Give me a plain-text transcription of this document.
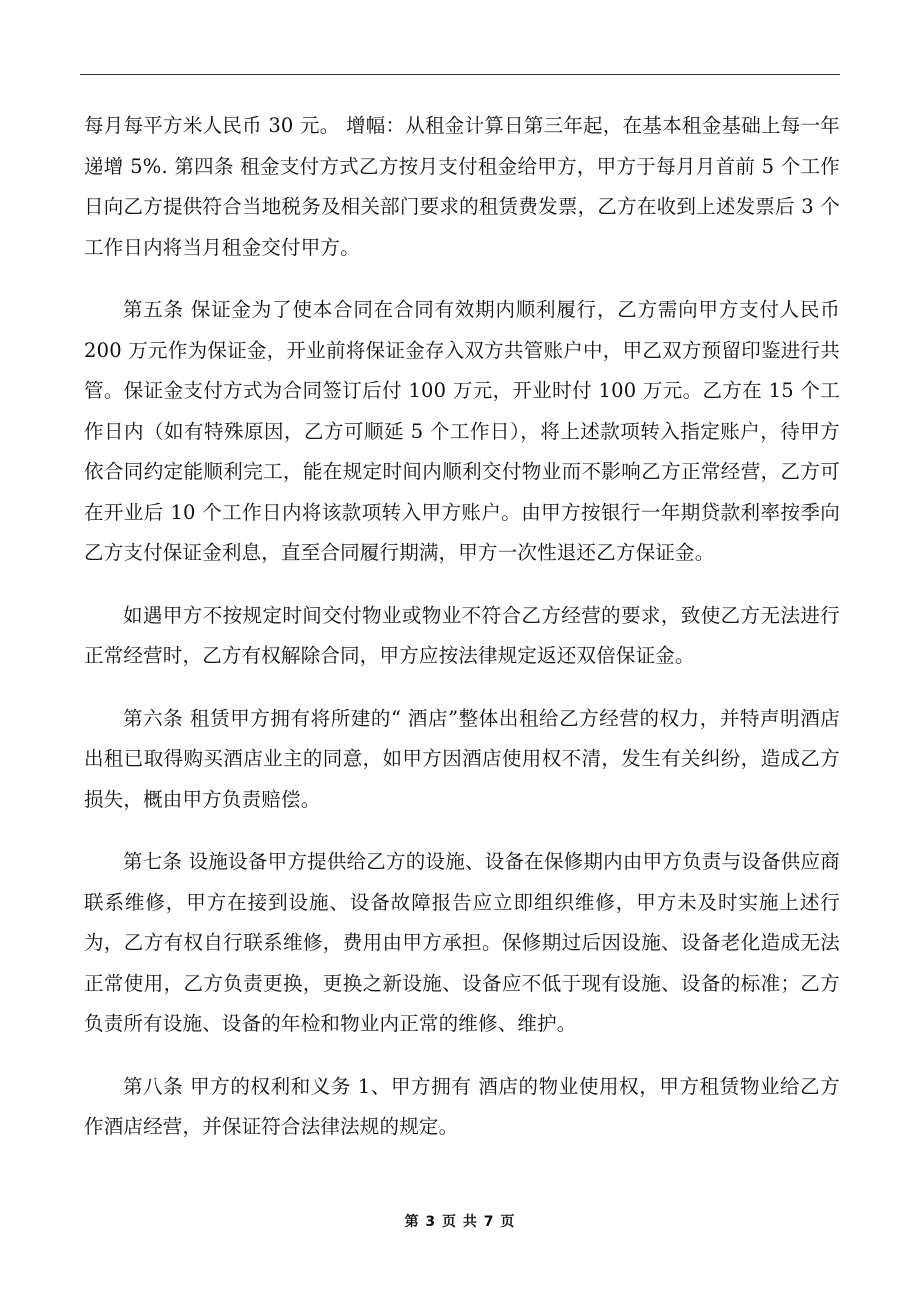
每月每平方米人民币 30 元。 增幅：从租金计算日第三年起，在基本租金基础上每一年递增 5%. 第四条 租金支付方式乙方按月支付租金给甲方，甲方于每月月首前 5 个工作日向乙方提供符合当地税务及相关部门要求的租赁费发票，乙方在收到上述发票后 3 个工作日内将当月租金交付甲方。

第五条 保证金为了使本合同在合同有效期内顺利履行，乙方需向甲方支付人民币 200 万元作为保证金，开业前将保证金存入双方共管账户中，甲乙双方预留印鉴进行共管。保证金支付方式为合同签订后付 100 万元，开业时付 100 万元。乙方在 15 个工作日内（如有特殊原因，乙方可顺延 5 个工作日），将上述款项转入指定账户，待甲方依合同约定能顺利完工，能在规定时间内顺利交付物业而不影响乙方正常经营，乙方可在开业后 10 个工作日内将该款项转入甲方账户。由甲方按银行一年期贷款利率按季向乙方支付保证金利息，直至合同履行期满，甲方一次性退还乙方保证金。

如遇甲方不按规定时间交付物业或物业不符合乙方经营的要求，致使乙方无法进行正常经营时，乙方有权解除合同，甲方应按法律规定返还双倍保证金。

第六条 租赁甲方拥有将所建的“ 酒店”整体出租给乙方经营的权力，并特声明酒店出租已取得购买酒店业主的同意，如甲方因酒店使用权不清，发生有关纠纷，造成乙方损失，概由甲方负责赔偿。

第七条 设施设备甲方提供给乙方的设施、设备在保修期内由甲方负责与设备供应商联系维修，甲方在接到设施、设备故障报告应立即组织维修，甲方未及时实施上述行为，乙方有权自行联系维修，费用由甲方承担。保修期过后因设施、设备老化造成无法正常使用，乙方负责更换，更换之新设施、设备应不低于现有设施、设备的标准；乙方负责所有设施、设备的年检和物业内正常的维修、维护。

第八条 甲方的权利和义务 1、甲方拥有 酒店的物业使用权，甲方租赁物业给乙方作酒店经营，并保证符合法律法规的规定。

第 3 页 共 7 页
